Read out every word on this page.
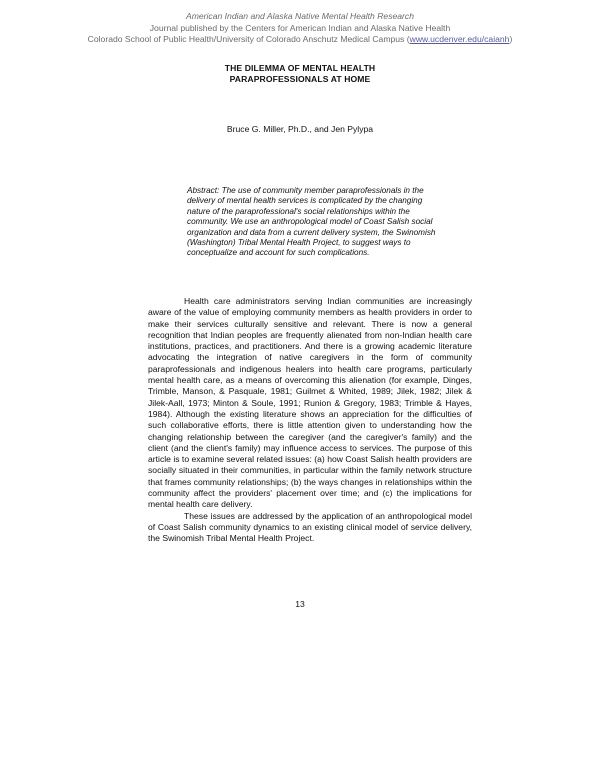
American Indian and Alaska Native Mental Health Research
Journal published by the Centers for American Indian and Alaska Native Health
Colorado School of Public Health/University of Colorado Anschutz Medical Campus (www.ucdenver.edu/caianh)
THE DILEMMA OF MENTAL HEALTH
PARAPROFESSIONALS AT HOME
Bruce G. Miller, Ph.D., and Jen Pylypa

Abstract: The use of community member paraprofessionals in the delivery of mental health services is complicated by the changing nature of the paraprofessional's social relationships within the community. We use an anthropological model of Coast Salish social organization and data from a current delivery system, the Swinomish (Washington) Tribal Mental Health Project, to suggest ways to conceptualize and account for such complications.

Health care administrators serving Indian communities are increasingly aware of the value of employing community members as health providers in order to make their services culturally sensitive and relevant. There is now a general recognition that Indian peoples are frequently alienated from non-Indian health care institutions, practices, and practitioners. And there is a growing academic literature advocating the integration of native caregivers in the form of community paraprofessionals and indigenous healers into health care programs, particularly mental health care, as a means of overcoming this alienation (for example, Dinges, Trimble, Manson, & Pasquale, 1981; Guilmet & Whited, 1989; Jilek, 1982; Jilek & Jilek-Aall, 1973; Minton & Soule, 1991; Runion & Gregory, 1983; Trimble & Hayes, 1984). Although the existing literature shows an appreciation for the difficulties of such collaborative efforts, there is little attention given to understanding how the changing relationship between the caregiver (and the caregiver's family) and the client (and the client's family) may influence access to services. The purpose of this article is to examine several related issues: (a) how Coast Salish health providers are socially situated in their communities, in particular within the family network structure that frames community relationships; (b) the ways changes in relationships within the community affect the providers' placement over time; and (c) the implications for mental health care delivery.

These issues are addressed by the application of an anthropological model of Coast Salish community dynamics to an existing clinical model of service delivery, the Swinomish Tribal Mental Health Project.

13
